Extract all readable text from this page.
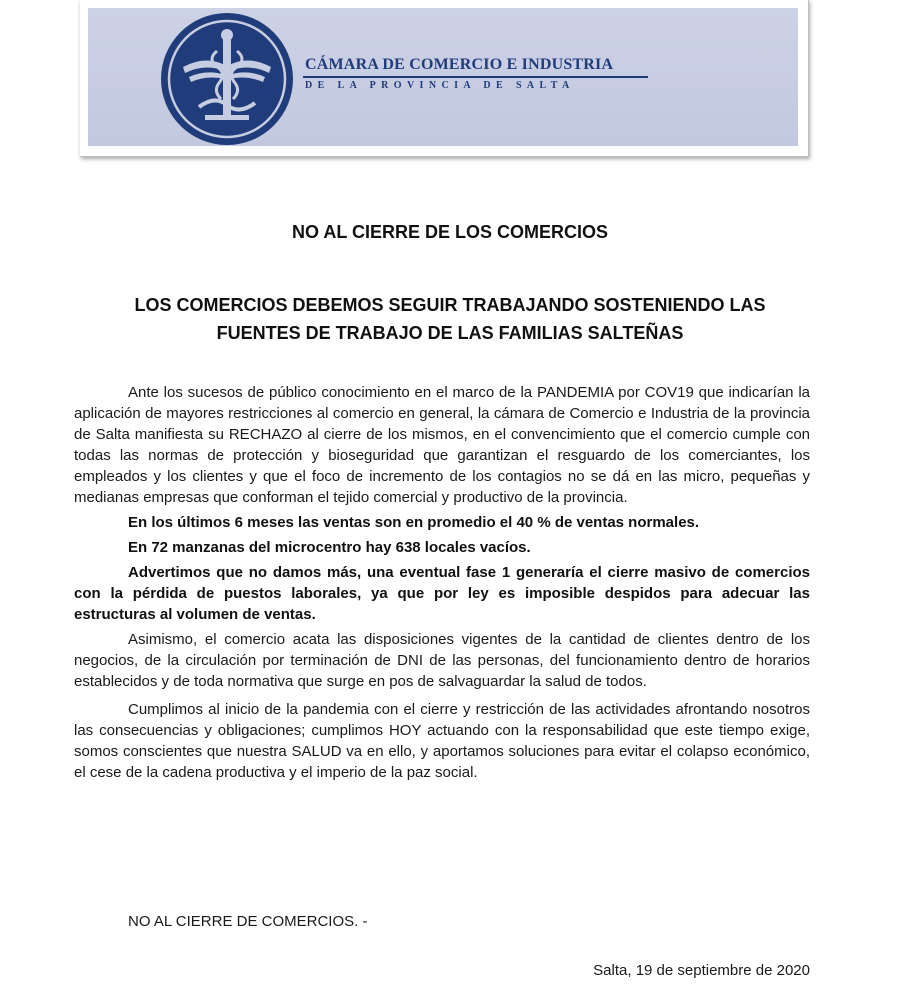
CÁMARA DE COMERCIO E INDUSTRIA
DE LA PROVINCIA DE SALTA
NO AL CIERRE DE LOS COMERCIOS
LOS COMERCIOS DEBEMOS SEGUIR TRABAJANDO SOSTENIENDO LAS
FUENTES DE TRABAJO DE LAS FAMILIAS SALTEÑAS

Ante los sucesos de público conocimiento en el marco de la PANDEMIA por COV19 que indicarían la aplicación de mayores restricciones al comercio en general, la cámara de Comercio e Industria de la provincia de Salta manifiesta su RECHAZO al cierre de los mismos, en el convencimiento que el comercio cumple con todas las normas de protección y bioseguridad que garantizan el resguardo de los comerciantes, los empleados y los clientes y que el foco de incremento de los contagios no se dá en las micro, pequeñas y medianas empresas que conforman el tejido comercial y productivo de la provincia.

En los últimos 6 meses las ventas son en promedio el 40 % de ventas normales.

En 72 manzanas del microcentro hay 638 locales vacíos.

Advertimos que no damos más, una eventual fase 1 generaría el cierre masivo de comercios con la pérdida de puestos laborales, ya que por ley es imposible despidos para adecuar las estructuras al volumen de ventas.

Asimismo, el comercio acata las disposiciones vigentes de la cantidad de clientes dentro de los negocios, de la circulación por terminación de DNI de las personas, del funcionamiento dentro de horarios establecidos y de toda normativa que surge en pos de salvaguardar la salud de todos.

Cumplimos al inicio de la pandemia con el cierre y restricción de las actividades afrontando nosotros las consecuencias y obligaciones; cumplimos HOY actuando con la responsabilidad que este tiempo exige, somos conscientes que nuestra SALUD va en ello, y aportamos soluciones para evitar el colapso económico, el cese de la cadena productiva y el imperio de la paz social.

NO AL CIERRE DE COMERCIOS. -
Salta, 19 de septiembre de 2020
